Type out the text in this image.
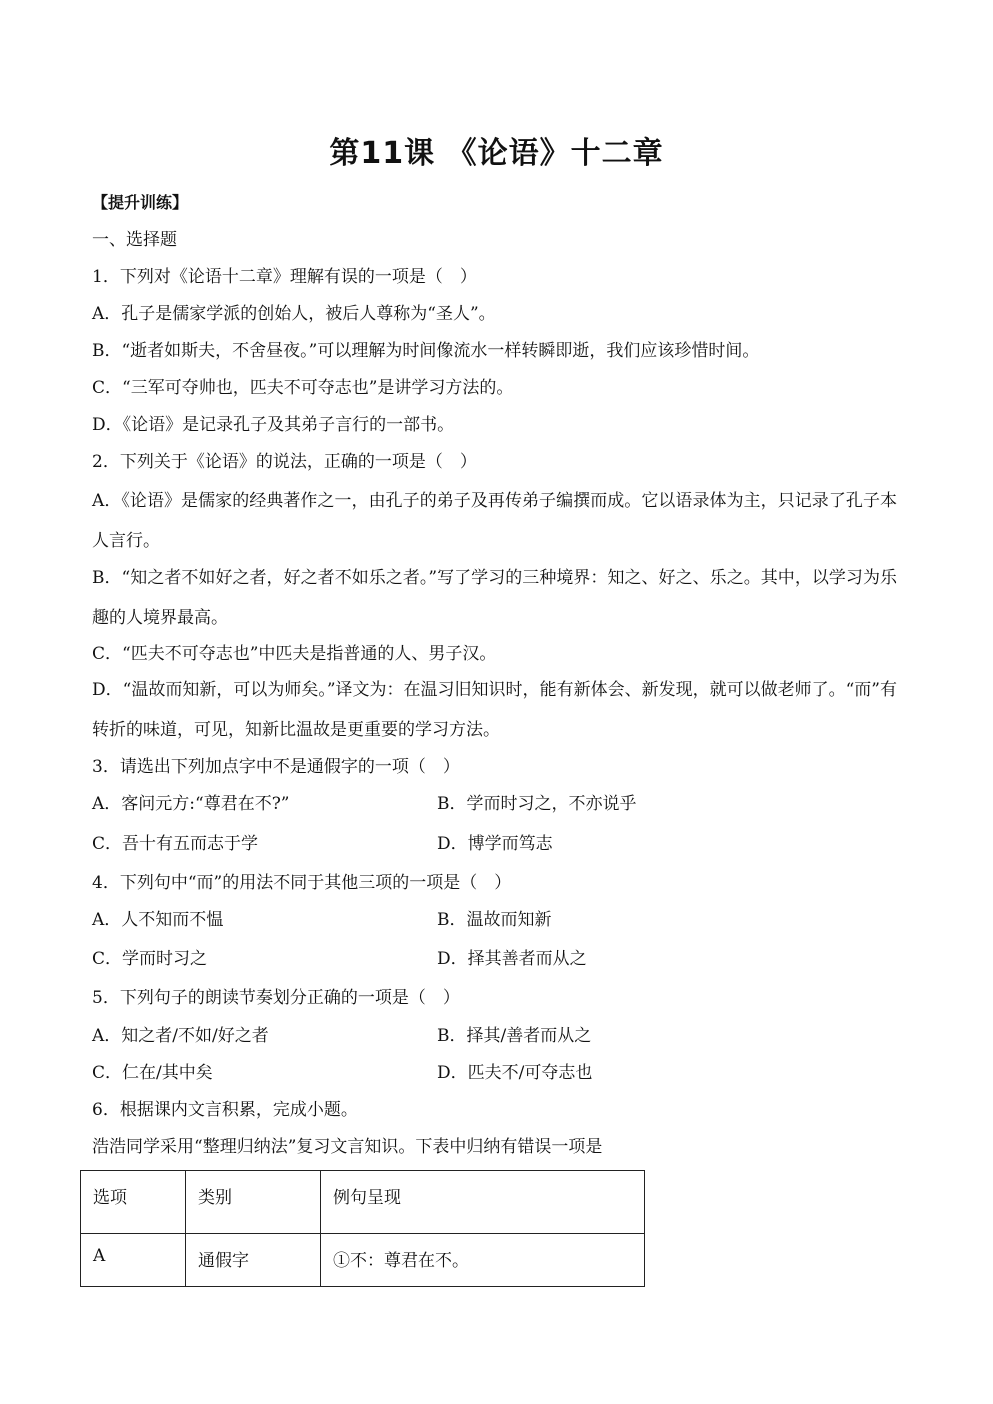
第11课 《论语》十二章
【提升训练】
一、选择题
1．下列对《论语十二章》理解有误的一项是（　）
A．孔子是儒家学派的创始人，被后人尊称为“圣人”。
B．“逝者如斯夫，不舍昼夜。”可以理解为时间像流水一样转瞬即逝，我们应该珍惜时间。
C．“三军可夺帅也，匹夫不可夺志也”是讲学习方法的。
D．《论语》是记录孔子及其弟子言行的一部书。
2．下列关于《论语》的说法，正确的一项是（　）
A．《论语》是儒家的经典著作之一，由孔子的弟子及再传弟子编撰而成。它以语录体为主，只记录了孔子本人言行。
B．“知之者不如好之者，好之者不如乐之者。”写了学习的三种境界：知之、好之、乐之。其中，以学习为乐趣的人境界最高。
C．“匹夫不可夺志也”中匹夫是指普通的人、男子汉。
D．“温故而知新，可以为师矣。”译文为：在温习旧知识时，能有新体会、新发现，就可以做老师了。“而”有转折的味道，可见，知新比温故是更重要的学习方法。
3．请选出下列加点字中不是通假字的一项（　）
A．客问元方:“尊君在不?”	B．学而时习之，不亦说乎
C．吾十有五而志于学	D．博学而笃志
4．下列句中“而”的用法不同于其他三项的一项是（　）
A．人不知而不愠	B．温故而知新
C．学而时习之	D．择其善者而从之
5．下列句子的朗读节奏划分正确的一项是（　）
A．知之者/不如/好之者	B．择其/善者而从之
C．仁在/其中矣	D．匹夫不/可夺志也
6．根据课内文言积累，完成小题。
浩浩同学采用“整理归纳法”复习文言知识。下表中归纳有错误一项是
选项	类别	例句呈现
A	通假字	①不：尊君在不。
